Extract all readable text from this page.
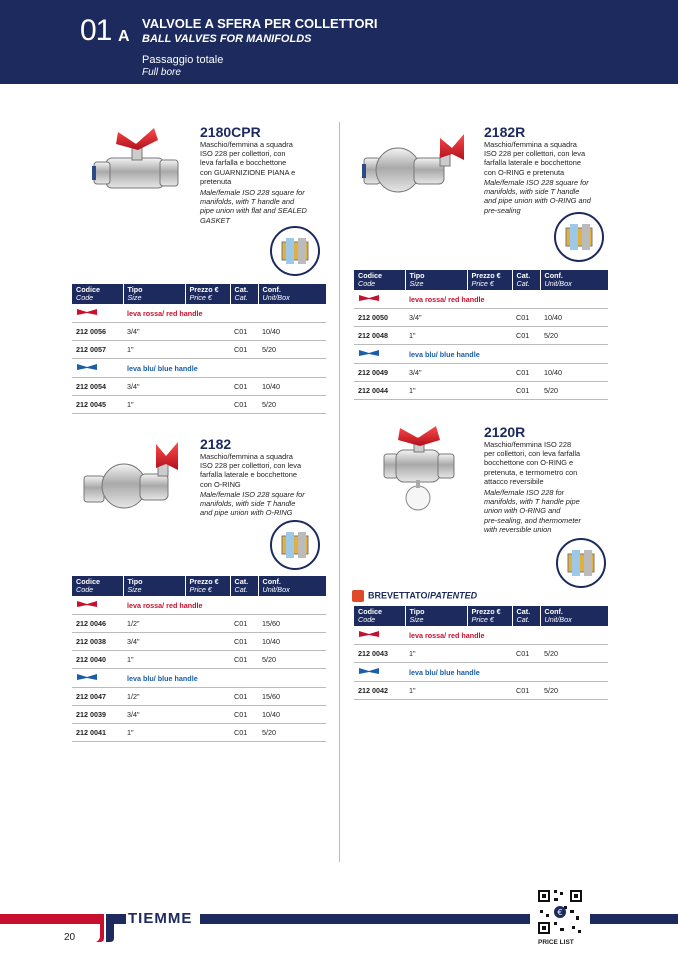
01 A
VALVOLE A SFERA PER COLLETTORI
BALL VALVES FOR MANIFOLDS
Passaggio totale
Full bore
2180CPR
Maschio/femmina a squadra
ISO 228 per collettori, con
leva farfalla e bocchettone
con GUARNIZIONE PIANA e
pretenuta
Male/female ISO 228 square for
manifolds, with T handle and
pipe union with flat and SEALED
GASKET
Codice
Code	Tipo
Size	Prezzo €
Price €	Cat.
Cat.	Conf.
Unit/Box

	leva rossa/ red handle			
212 0056	3/4"		C01	10/40
212 0057	1"		C01	5/20
	leva blu/ blue handle			
212 0054	3/4"		C01	10/40
212 0045	1"		C01	5/20
2182R
Maschio/femmina a squadra
ISO 228 per collettori, con leva
farfalla laterale e bocchettone
con O-RING e pretenuta
Male/female ISO 228 square for
manifolds, with side T handle
and pipe union with O-RING and
pre-sealing
Codice
Code	Tipo
Size	Prezzo €
Price €	Cat.
Cat.	Conf.
Unit/Box

	leva rossa/ red handle			
212 0050	3/4"		C01	10/40
212 0048	1"		C01	5/20
	leva blu/ blue handle			
212 0049	3/4"		C01	10/40
212 0044	1"		C01	5/20
2182
Maschio/femmina a squadra
ISO 228 per collettori, con leva
farfalla laterale e bocchettone
con O-RING
Male/female ISO 228 square for
manifolds, with side T handle
and pipe union with O-RING
Codice
Code	Tipo
Size	Prezzo €
Price €	Cat.
Cat.	Conf.
Unit/Box

	leva rossa/ red handle			
212 0046	1/2"		C01	15/60
212 0038	3/4"		C01	10/40
212 0040	1"		C01	5/20
	leva blu/ blue handle			
212 0047	1/2"		C01	15/60
212 0039	3/4"		C01	10/40
212 0041	1"		C01	5/20
2120R
Maschio/femmina ISO 228
per collettori, con leva farfalla
bocchettone con O-RING e
pretenuta, e termometro con
attacco reversibile
Male/female ISO 228 for
manifolds, with T handle pipe
union with O-RING and
pre-sealing, and thermometer
with reversible union
BREVETTATO/PATENTED
Codice
Code	Tipo
Size	Prezzo €
Price €	Cat.
Cat.	Conf.
Unit/Box

	leva rossa/ red handle			
212 0043	1"		C01	5/20
	leva blu/ blue handle			
212 0042	1"		C01	5/20
TIEMME
20
€
PRICE LIST
